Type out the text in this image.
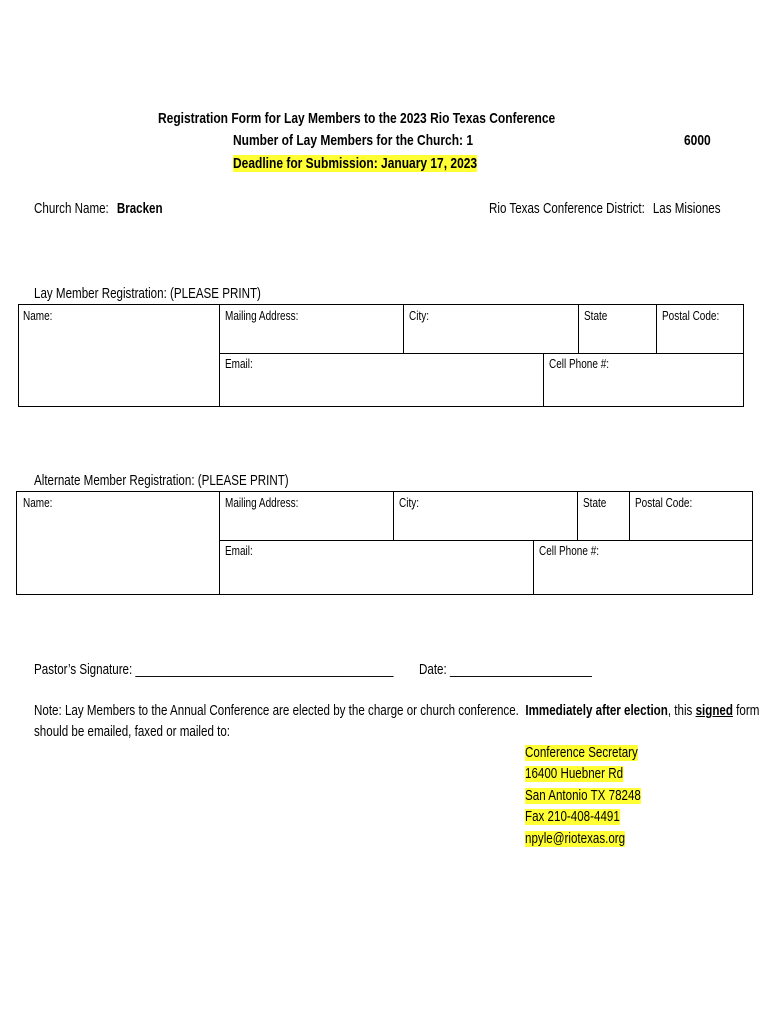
Registration Form for Lay Members to the 2023 Rio Texas Conference
Number of Lay Members for the Church: 1	6000
Deadline for Submission: January 17, 2023
Church Name: Bracken	Rio Texas Conference District: Las Misiones
Lay Member Registration: (PLEASE PRINT)
Name:	Mailing Address:	City:	State	Postal Code:
Email:	Cell Phone #:
Alternate Member Registration: (PLEASE PRINT)
Name:	Mailing Address:	City:	State	Postal Code:
Email:	Cell Phone #:
Pastor’s Signature: ________________________________________	Date: ______________________
Note: Lay Members to the Annual Conference are elected by the charge or church conference.  Immediately after election, this signed form
should be emailed, faxed or mailed to:
Conference Secretary
16400 Huebner Rd
San Antonio TX 78248
Fax 210-408-4491
npyle@riotexas.org
